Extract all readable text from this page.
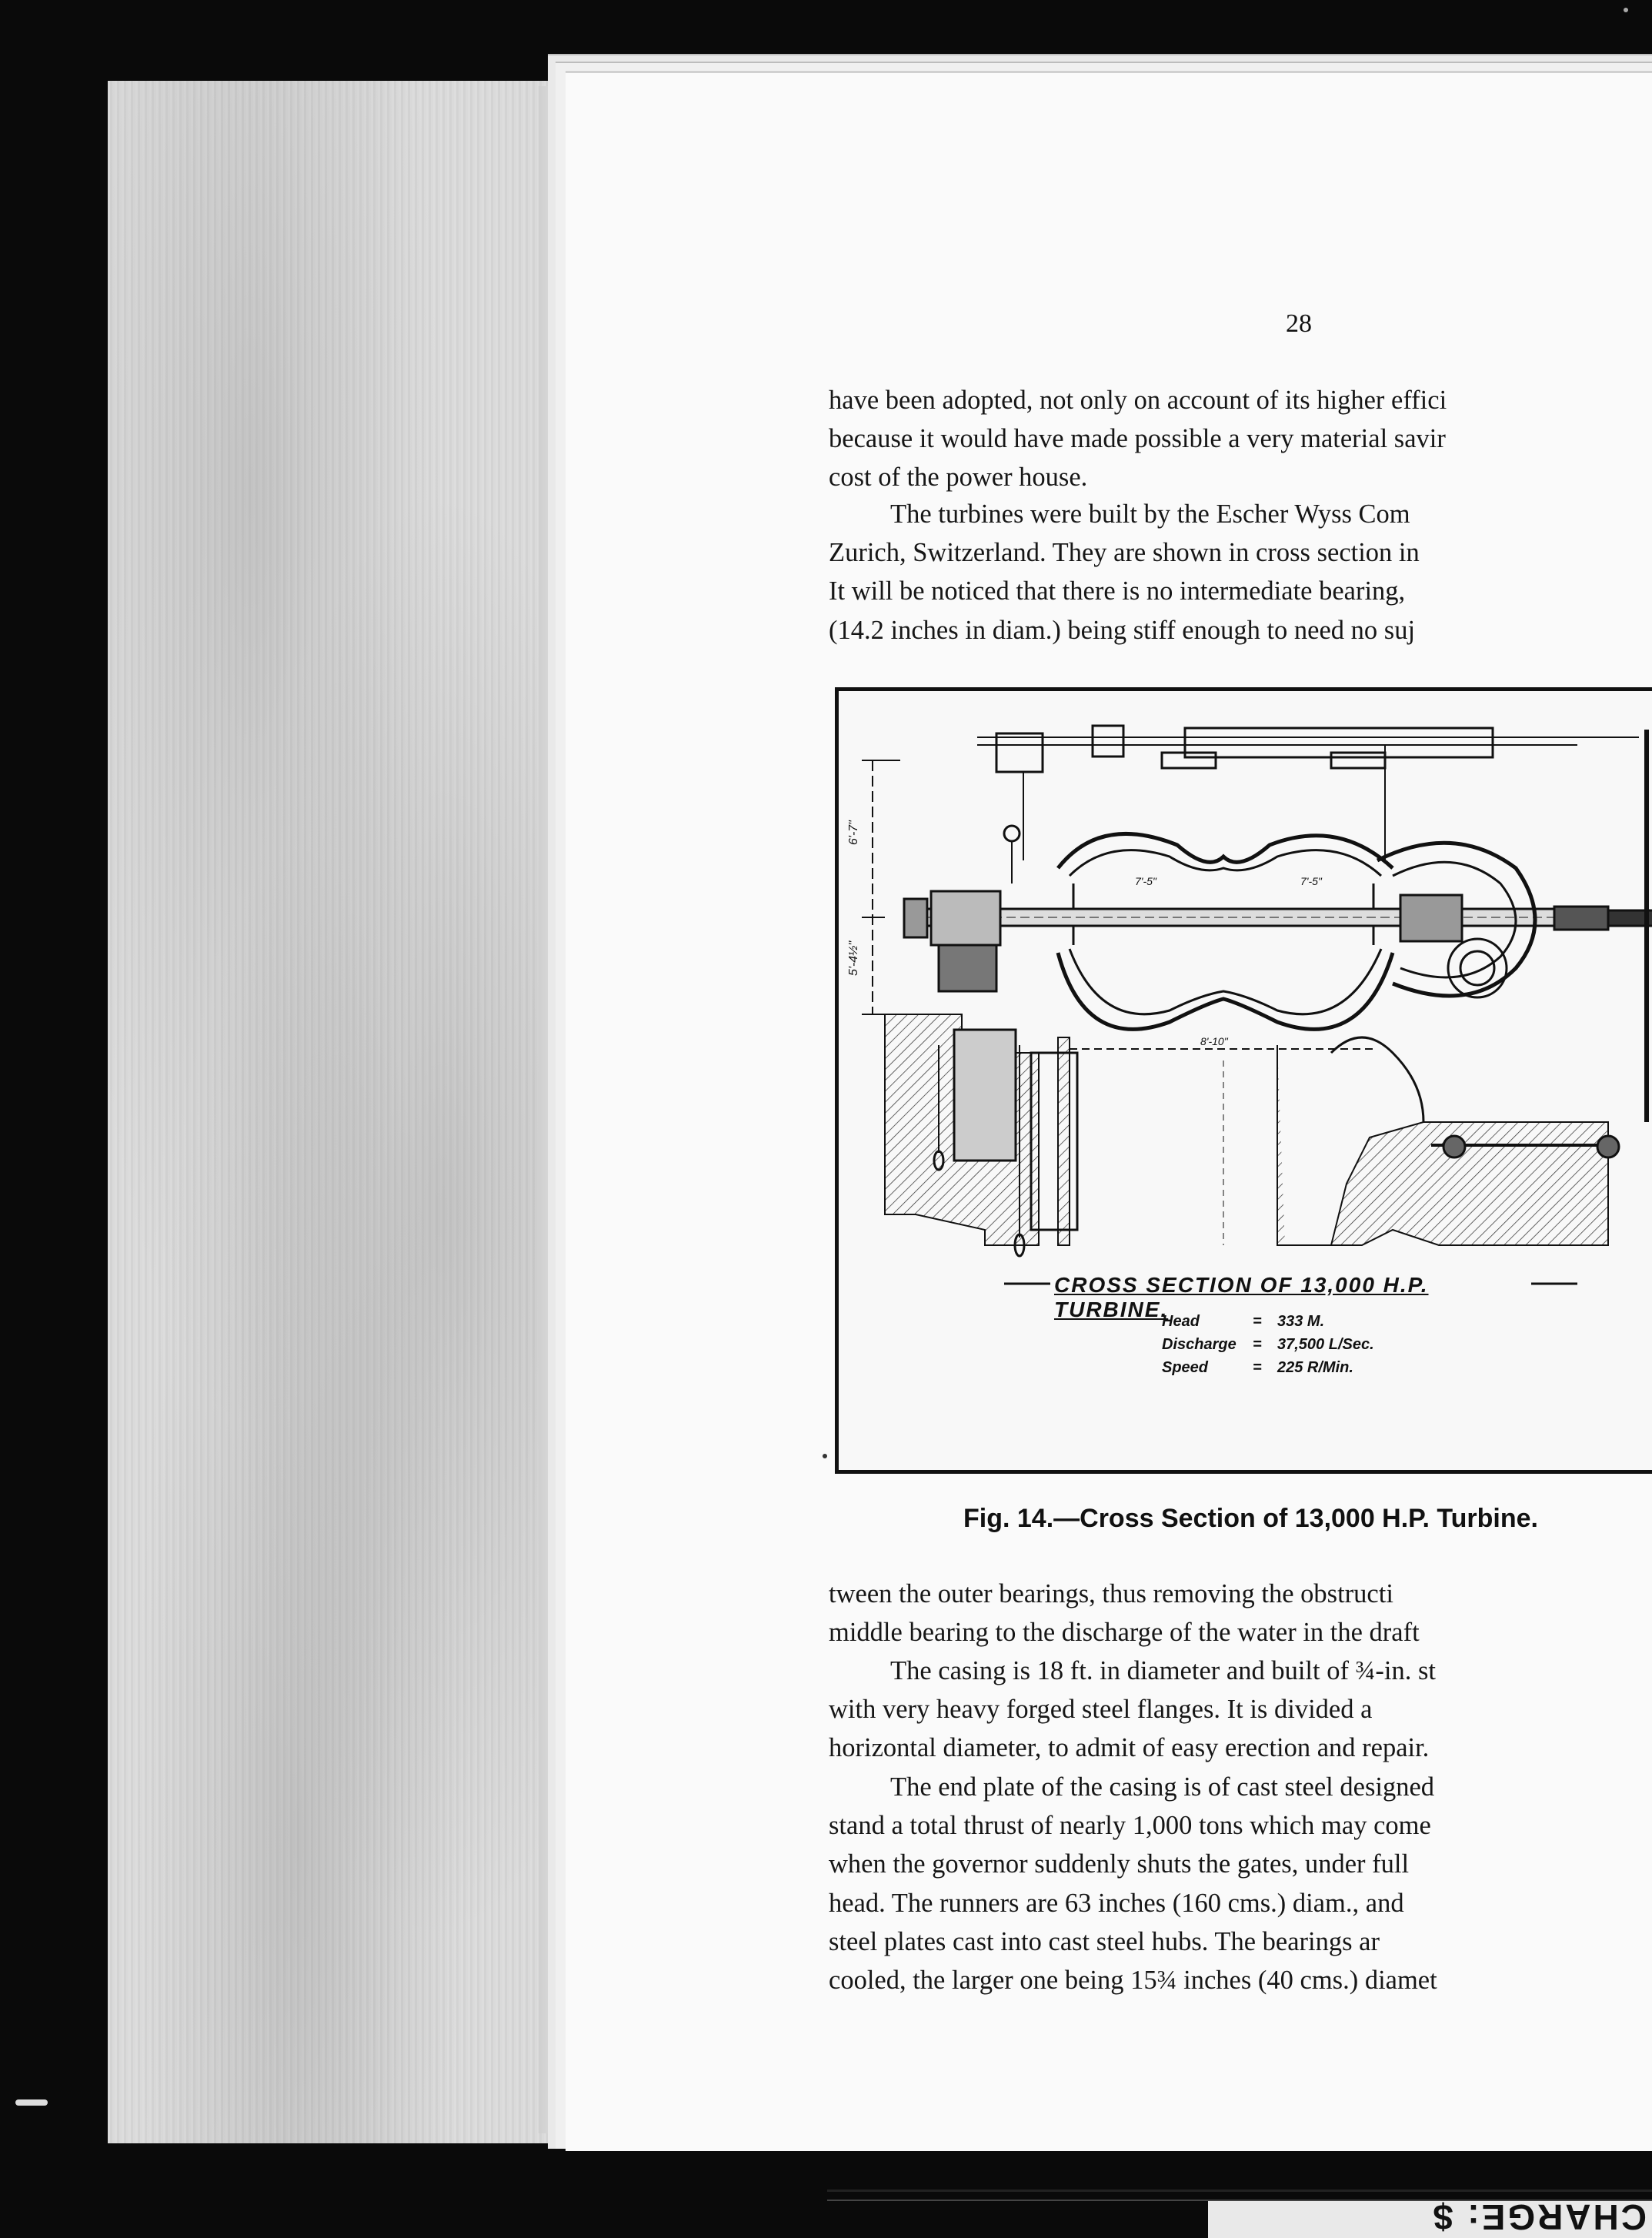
28
have been adopted, not only on account of its higher effici
because it would have made possible a very material savir
cost of the power house.
The turbines were built by the Escher Wyss Com
Zurich, Switzerland. They are shown in cross section in
It will be noticed that there is no intermediate bearing,
(14.2 inches in diam.) being stiff enough to need no suj
6'-7"
5'-4½"
7'-5"	7'-5"
8'-10"
CROSS SECTION OF 13,000 H.P. TURBINE.
Head	= 333 M.
Discharge = 37,500 L/Sec.
Speed	= 225 R/Min.
Fig. 14.—Cross Section of 13,000 H.P. Turbine.
tween the outer bearings, thus removing the obstructi
middle bearing to the discharge of the water in the draft
The casing is 18 ft. in diameter and built of ¾-in. st
with very heavy forged steel flanges. It is divided a
horizontal diameter, to admit of easy erection and repair.
The end plate of the casing is of cast steel designed
stand a total thrust of nearly 1,000 tons which may come
when the governor suddenly shuts the gates, under full
head. The runners are 63 inches (160 cms.) diam., and
steel plates cast into cast steel hubs. The bearings ar
cooled, the larger one being 15¾ inches (40 cms.) diamet
CHARGE: $
